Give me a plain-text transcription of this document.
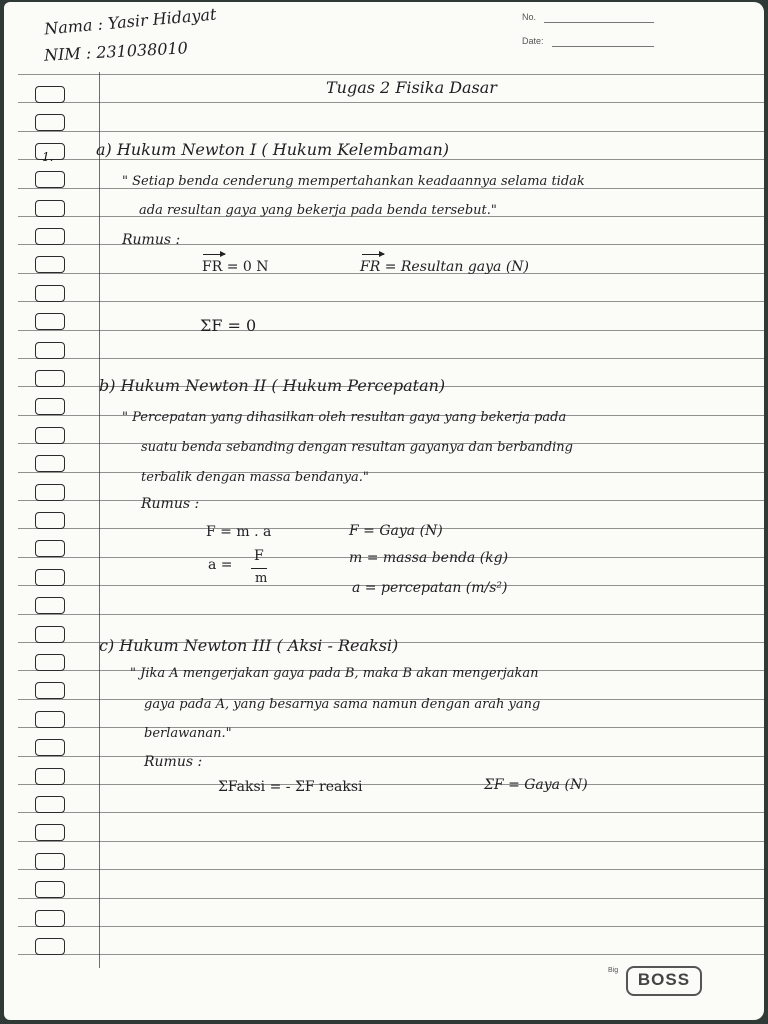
Nama : Yasir Hidayat
NIM : 231038010
No.
Date:
1.
Tugas 2 Fisika Dasar
a) Hukum Newton I ( Hukum Kelembaman)
" Setiap benda cenderung mempertahankan keadaannya selama tidak
ada resultan gaya yang bekerja pada benda tersebut."
Rumus :
FR = 0 N	FR = Resultan gaya (N)
ΣF = 0
b) Hukum Newton II ( Hukum Percepatan)
" Percepatan yang dihasilkan oleh resultan gaya yang bekerja pada
suatu benda sebanding dengan resultan gayanya dan berbanding
terbalik dengan massa bendanya."
Rumus :
F = m . a	F = Gaya (N)
a =
F
m
m = massa benda (kg)
a = percepatan (m/s²)
c) Hukum Newton III ( Aksi - Reaksi)
" Jika A mengerjakan gaya pada B, maka B akan mengerjakan
gaya pada A, yang besarnya sama namun dengan arah yang
berlawanan."
Rumus :
ΣFaksi = - ΣF reaksi	ΣF = Gaya (N)
Big	BOSS
